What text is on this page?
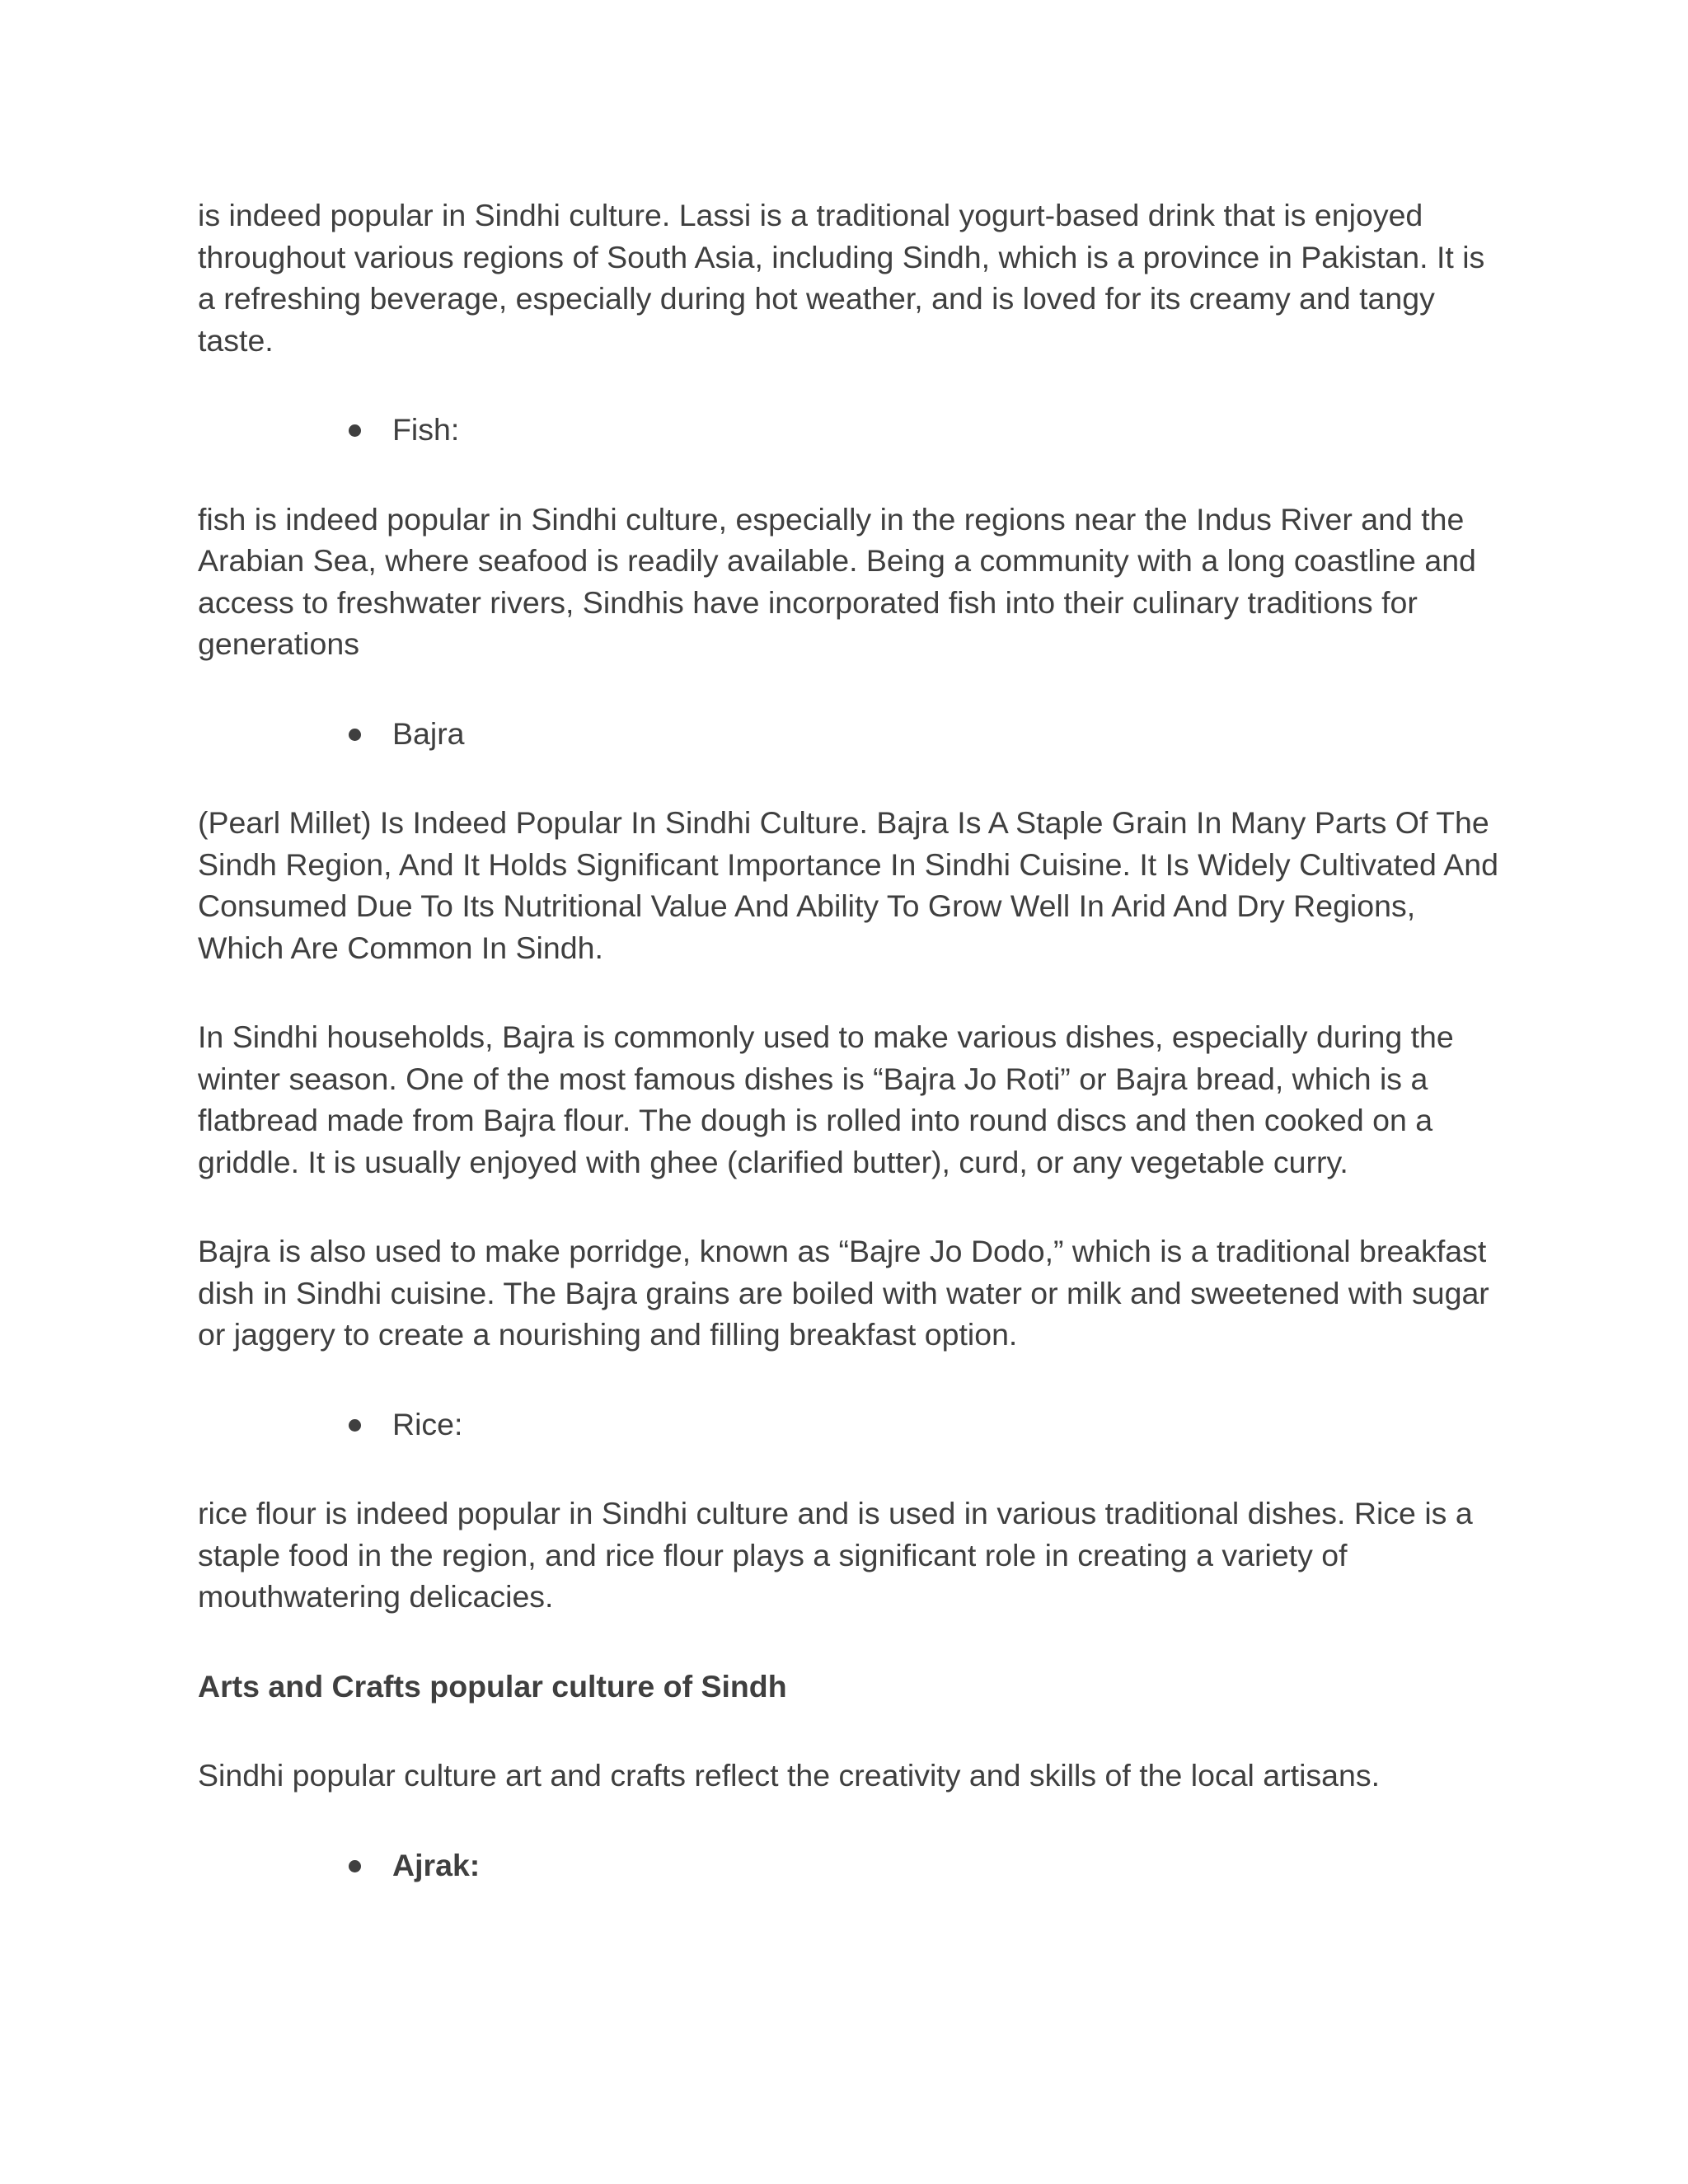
is indeed popular in Sindhi culture. Lassi is a traditional yogurt-based drink that is enjoyed throughout various regions of South Asia, including Sindh, which is a province in Pakistan. It is a refreshing beverage, especially during hot weather, and is loved for its creamy and tangy taste.

Fish:

fish is indeed popular in Sindhi culture, especially in the regions near the Indus River and the Arabian Sea, where seafood is readily available. Being a community with a long coastline and access to freshwater rivers, Sindhis have incorporated fish into their culinary traditions for generations

Bajra

(Pearl Millet) Is Indeed Popular In Sindhi Culture. Bajra Is A Staple Grain In Many Parts Of The Sindh Region, And It Holds Significant Importance In Sindhi Cuisine. It Is Widely Cultivated And Consumed Due To Its Nutritional Value And Ability To Grow Well In Arid And Dry Regions, Which Are Common In Sindh.

In Sindhi households, Bajra is commonly used to make various dishes, especially during the winter season. One of the most famous dishes is “Bajra Jo Roti” or Bajra bread, which is a flatbread made from Bajra flour. The dough is rolled into round discs and then cooked on a griddle. It is usually enjoyed with ghee (clarified butter), curd, or any vegetable curry.

Bajra is also used to make porridge, known as “Bajre Jo Dodo,” which is a traditional breakfast dish in Sindhi cuisine. The Bajra grains are boiled with water or milk and sweetened with sugar or jaggery to create a nourishing and filling breakfast option.

Rice:

rice flour is indeed popular in Sindhi culture and is used in various traditional dishes. Rice is a staple food in the region, and rice flour plays a significant role in creating a variety of mouthwatering delicacies.

Arts and Crafts popular culture of Sindh

Sindhi popular culture art and crafts reflect the creativity and skills of the local artisans.

Ajrak:
